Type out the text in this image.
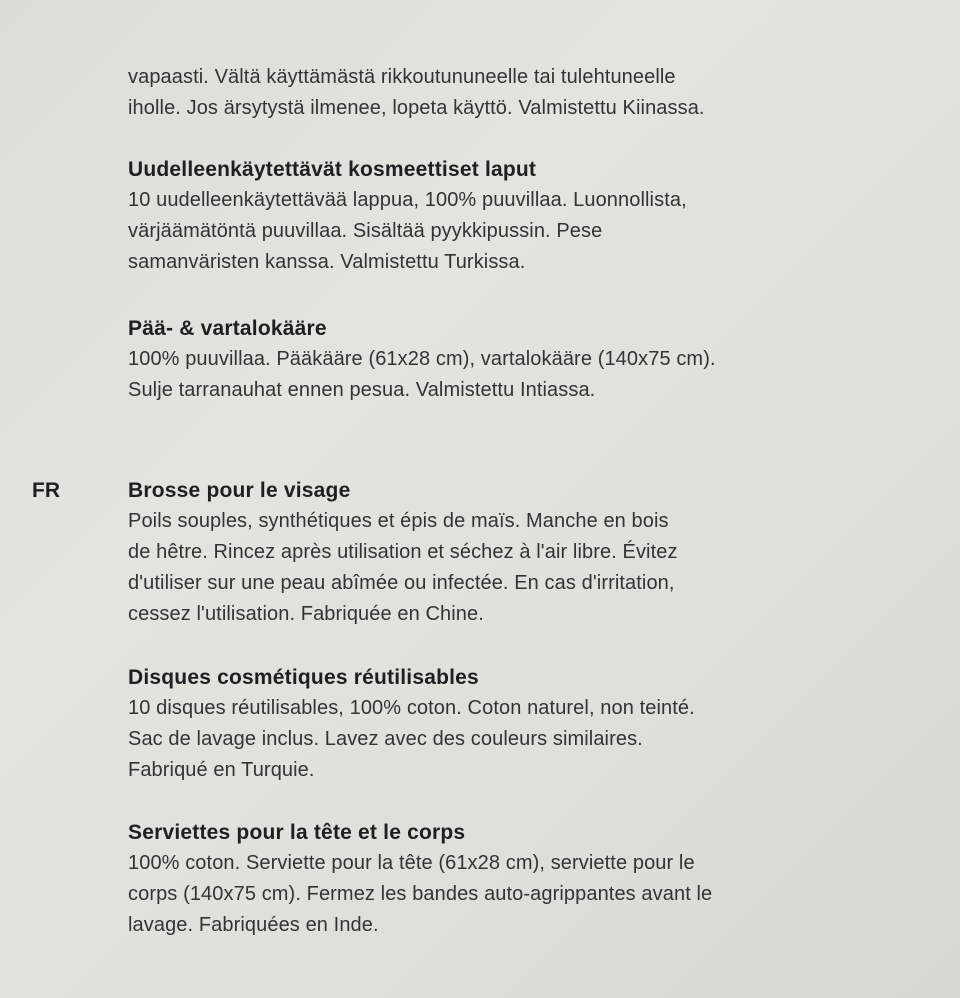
vapaasti. Vältä käyttämästä rikkoutununeelle tai tulehtuneelle
iholle. Jos ärsytystä ilmenee, lopeta käyttö. Valmistettu Kiinassa.
Uudelleenkäytettävät kosmeettiset laput
10 uudelleenkäytettävää lappua, 100% puuvillaa. Luonnollista,
värjäämätöntä puuvillaa. Sisältää pyykkipussin. Pese
samanväristen kanssa. Valmistettu Turkissa.
Pää- & vartalokääre
100% puuvillaa. Pääkääre (61x28 cm), vartalokääre (140x75 cm).
Sulje tarranauhat ennen pesua. Valmistettu Intiassa.
FR	Brosse pour le visage
Poils souples, synthétiques et épis de maïs. Manche en bois
de hêtre. Rincez après utilisation et séchez à l'air libre. Évitez
d'utiliser sur une peau abîmée ou infectée. En cas d'irritation,
cessez l'utilisation. Fabriquée en Chine.
Disques cosmétiques réutilisables
10 disques réutilisables, 100% coton. Coton naturel, non teinté.
Sac de lavage inclus. Lavez avec des couleurs similaires.
Fabriqué en Turquie.
Serviettes pour la tête et le corps
100% coton. Serviette pour la tête (61x28 cm), serviette pour le
corps (140x75 cm). Fermez les bandes auto-agrippantes avant le
lavage. Fabriquées en Inde.
